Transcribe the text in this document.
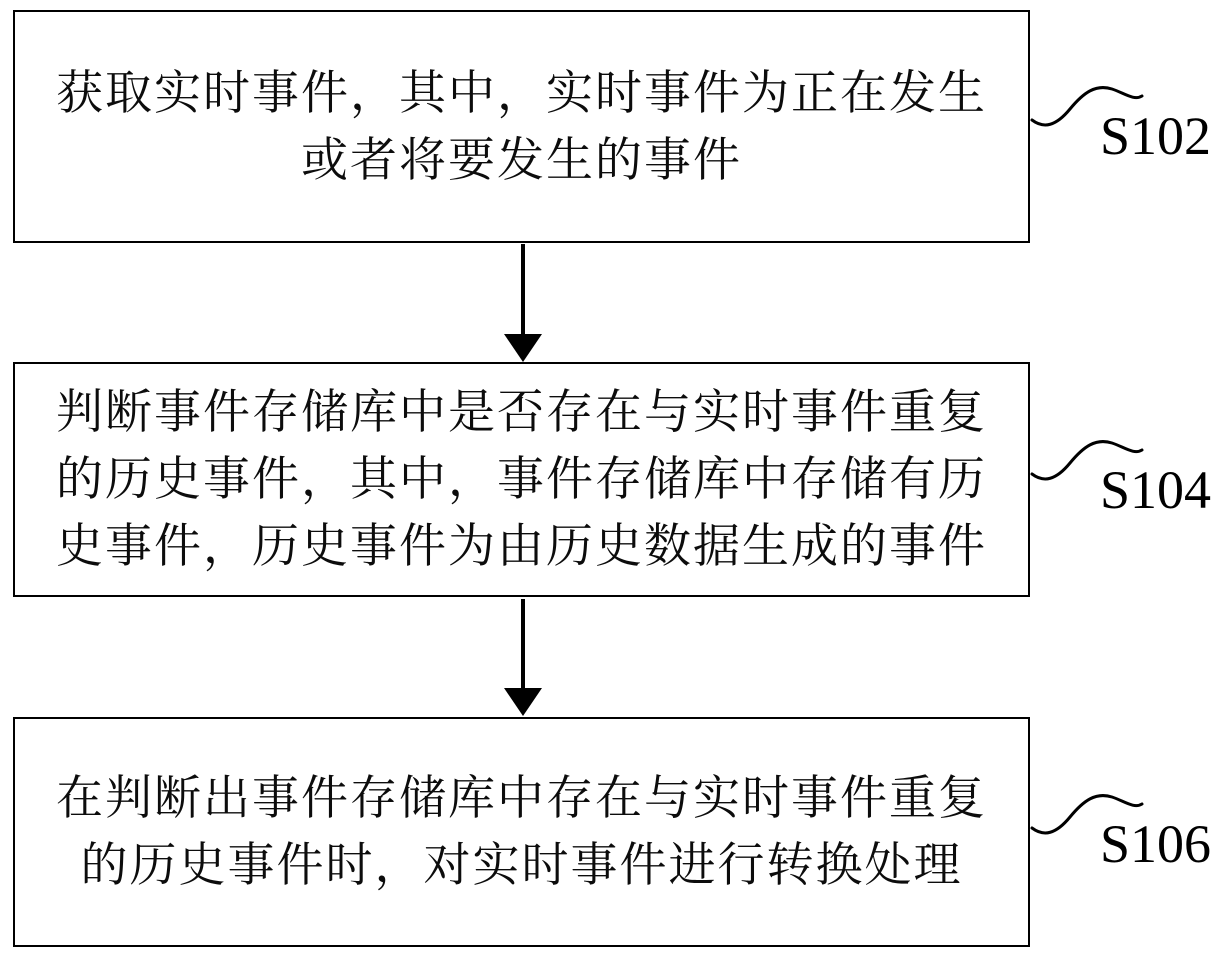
获取实时事件，其中，实时事件为正在发生
或者将要发生的事件
判断事件存储库中是否存在与实时事件重复
的历史事件，其中，事件存储库中存储有历
史事件，历史事件为由历史数据生成的事件
在判断出事件存储库中存在与实时事件重复
的历史事件时，对实时事件进行转换处理
S102
S104
S106
